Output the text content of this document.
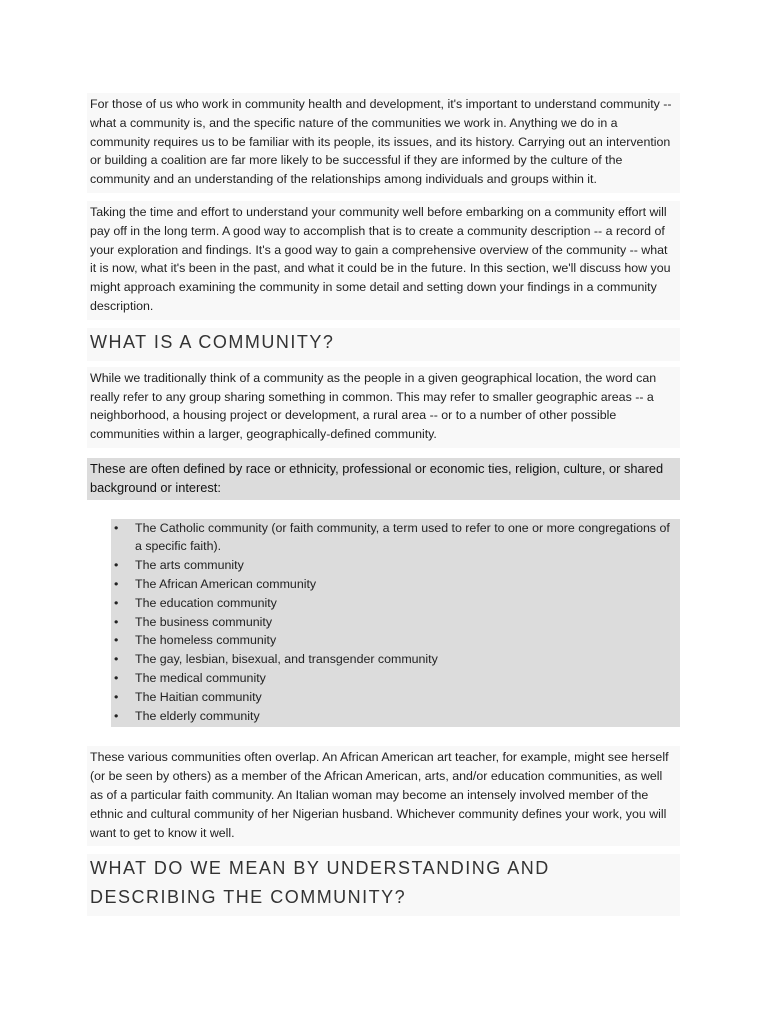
For those of us who work in community health and development, it's important to understand community -- what a community is, and the specific nature of the communities we work in. Anything we do in a community requires us to be familiar with its people, its issues, and its history. Carrying out an intervention or building a coalition are far more likely to be successful if they are informed by the culture of the community and an understanding of the relationships among individuals and groups within it.

Taking the time and effort to understand your community well before embarking on a community effort will pay off in the long term. A good way to accomplish that is to create a community description -- a record of your exploration and findings. It's a good way to gain a comprehensive overview of the community -- what it is now, what it's been in the past, and what it could be in the future. In this section, we'll discuss how you might approach examining the community in some detail and setting down your findings in a community description.

WHAT IS A COMMUNITY?

While we traditionally think of a community as the people in a given geographical location, the word can really refer to any group sharing something in common. This may refer to smaller geographic areas -- a neighborhood, a housing project or development, a rural area -- or to a number of other possible communities within a larger, geographically-defined community.

These are often defined by race or ethnicity, professional or economic ties, religion, culture, or shared background or interest:

• The Catholic community (or faith community, a term used to refer to one or more congregations of a specific faith).
• The arts community
• The African American community
• The education community
• The business community
• The homeless community
• The gay, lesbian, bisexual, and transgender community
• The medical community
• The Haitian community
• The elderly community

These various communities often overlap. An African American art teacher, for example, might see herself (or be seen by others) as a member of the African American, arts, and/or education communities, as well as of a particular faith community. An Italian woman may become an intensely involved member of the ethnic and cultural community of her Nigerian husband. Whichever community defines your work, you will want to get to know it well.

WHAT DO WE MEAN BY UNDERSTANDING AND DESCRIBING THE COMMUNITY?
